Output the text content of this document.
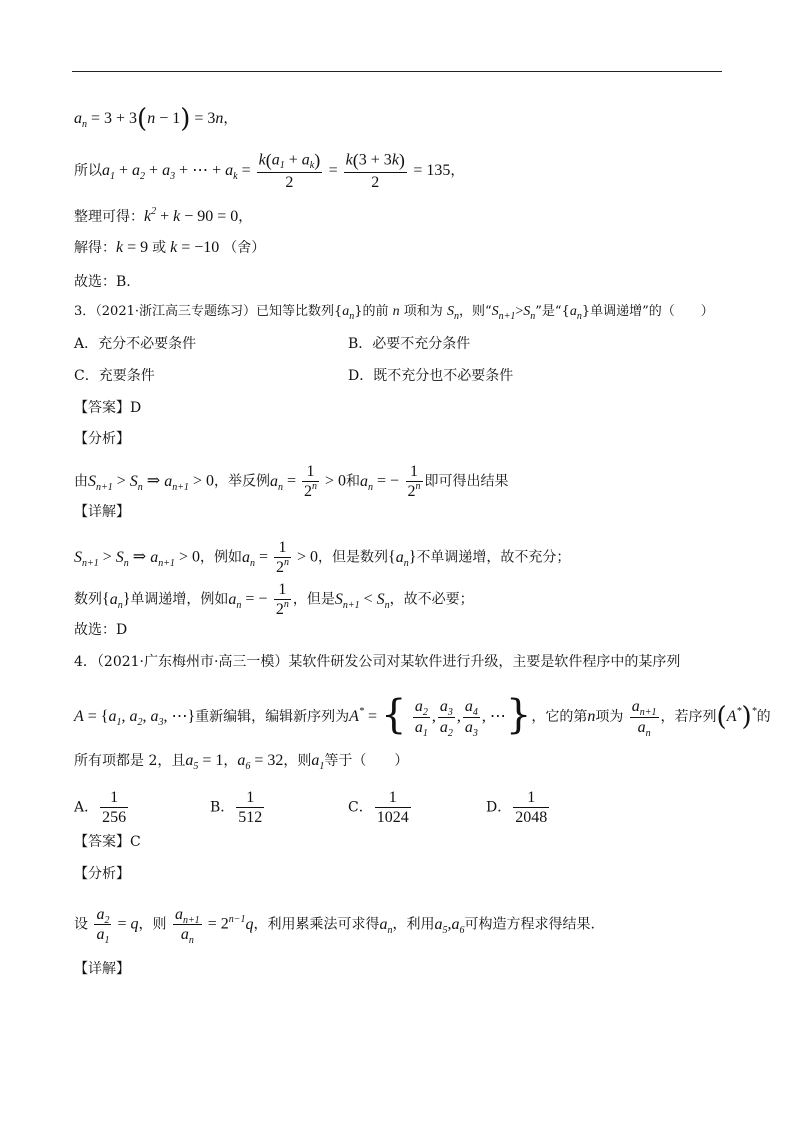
$a_n = 3 + 3(n - 1) = 3n$，
所以$a_1 + a_2 + a_3$ + ⋯ + $a_k = \frac{k(a_1 + a_k)}{2} = \frac{k(3 + 3k)}{2} = 135$，
整理可得：$k^2 + k - 90 = 0$，
解得：k = 9 或 k = −10 （舍）
故选：B.
3．（2021·浙江高三专题练习）已知等比数列$\{a_n\}$的前 n 项和为 $S_n$，则“$S_{n+1}>S_n$”是“$\{a_n\}$单调递增”的（　　）
A．充分不必要条件	B．必要不充分条件
C．充要条件	D．既不充分也不必要条件
【答案】D
【分析】
由$S_{n+1} > S_n$ ⇒ $a_{n+1} > 0$，举反例$a_n = \frac{1}{2^n} > 0$和$a_n$ = − $\frac{1}{2^n}$ 即可得出结果
【详解】
$S_{n+1} > S_n$ ⇒ $a_{n+1} > 0$，例如$a_n = \frac{1}{2^n} > 0$，但是数列$\{a_n\}$不单调递增，故不充分；
数列$\{a_n\}$单调递增，例如$a_n$ = − $\frac{1}{2^n}$ ，但是$S_{n+1} < S_n$，故不必要；
故选：D
4．（2021·广东梅州市·高三一模）某软件研发公司对某软件进行升级，主要是软件程序中的某序列
$A = \{a_1$, $a_2$, $a_3$, ⋯}重新编辑，编辑新序列为A* = { $\frac{a_2}{a_1}$ , $\frac{a_3}{a_2}$ , $\frac{a_4}{a_3}$ , ⋯}，它的第n项为 $\frac{a_{n+1}}{a_n}$ ，若序列(A*)*的
所有项都是 2，且$a_5 = 1$，$a_6 = 32$，则$a_1$等于（　　）
A． $\frac{1}{256}$	B． $\frac{1}{512}$	C． $\frac{1}{1024}$	D． $\frac{1}{2048}$
【答案】C
【分析】
设 $\frac{a_2}{a_1} = q$，则 $\frac{a_{n+1}}{a_n} = 2^{n-1}q$，利用累乘法可求得$a_n$，利用$a_5,a_6$可构造方程求得结果.
【详解】
